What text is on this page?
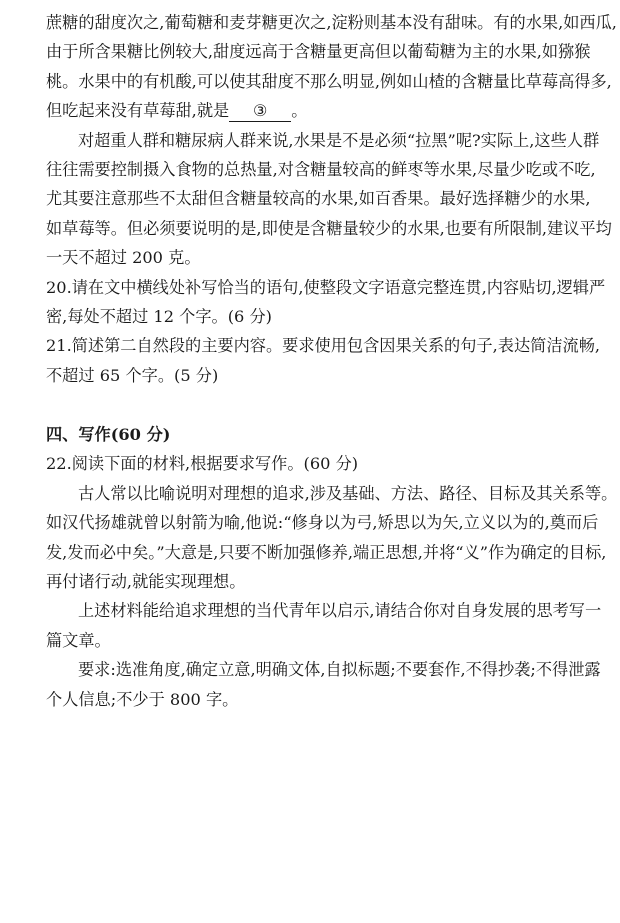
蔗糖的甜度次之,葡萄糖和麦芽糖更次之,淀粉则基本没有甜味。有的水果,如西瓜,
由于所含果糖比例较大,甜度远高于含糖量更高但以葡萄糖为主的水果,如猕猴
桃。水果中的有机酸,可以使其甜度不那么明显,例如山楂的含糖量比草莓高得多,
但吃起来没有草莓甜,就是 ③ 。
对超重人群和糖尿病人群来说,水果是不是必须“拉黑”呢?实际上,这些人群
往往需要控制摄入食物的总热量,对含糖量较高的鲜枣等水果,尽量少吃或不吃,
尤其要注意那些不太甜但含糖量较高的水果,如百香果。最好选择糖少的水果,
如草莓等。但必须要说明的是,即使是含糖量较少的水果,也要有所限制,建议平均
一天不超过 200 克。
20.请在文中横线处补写恰当的语句,使整段文字语意完整连贯,内容贴切,逻辑严
密,每处不超过 12 个字。(6 分)
21.简述第二自然段的主要内容。要求使用包含因果关系的句子,表达简洁流畅,
不超过 65 个字。(5 分)
四、写作(60 分)
22.阅读下面的材料,根据要求写作。(60 分)
古人常以比喻说明对理想的追求,涉及基础、方法、路径、目标及其关系等。
如汉代扬雄就曾以射箭为喻,他说:“修身以为弓,矫思以为矢,立义以为的,奠而后
发,发而必中矣。”大意是,只要不断加强修养,端正思想,并将“义”作为确定的目标,
再付诸行动,就能实现理想。
上述材料能给追求理想的当代青年以启示,请结合你对自身发展的思考写一
篇文章。
要求:选准角度,确定立意,明确文体,自拟标题;不要套作,不得抄袭;不得泄露
个人信息;不少于 800 字。
